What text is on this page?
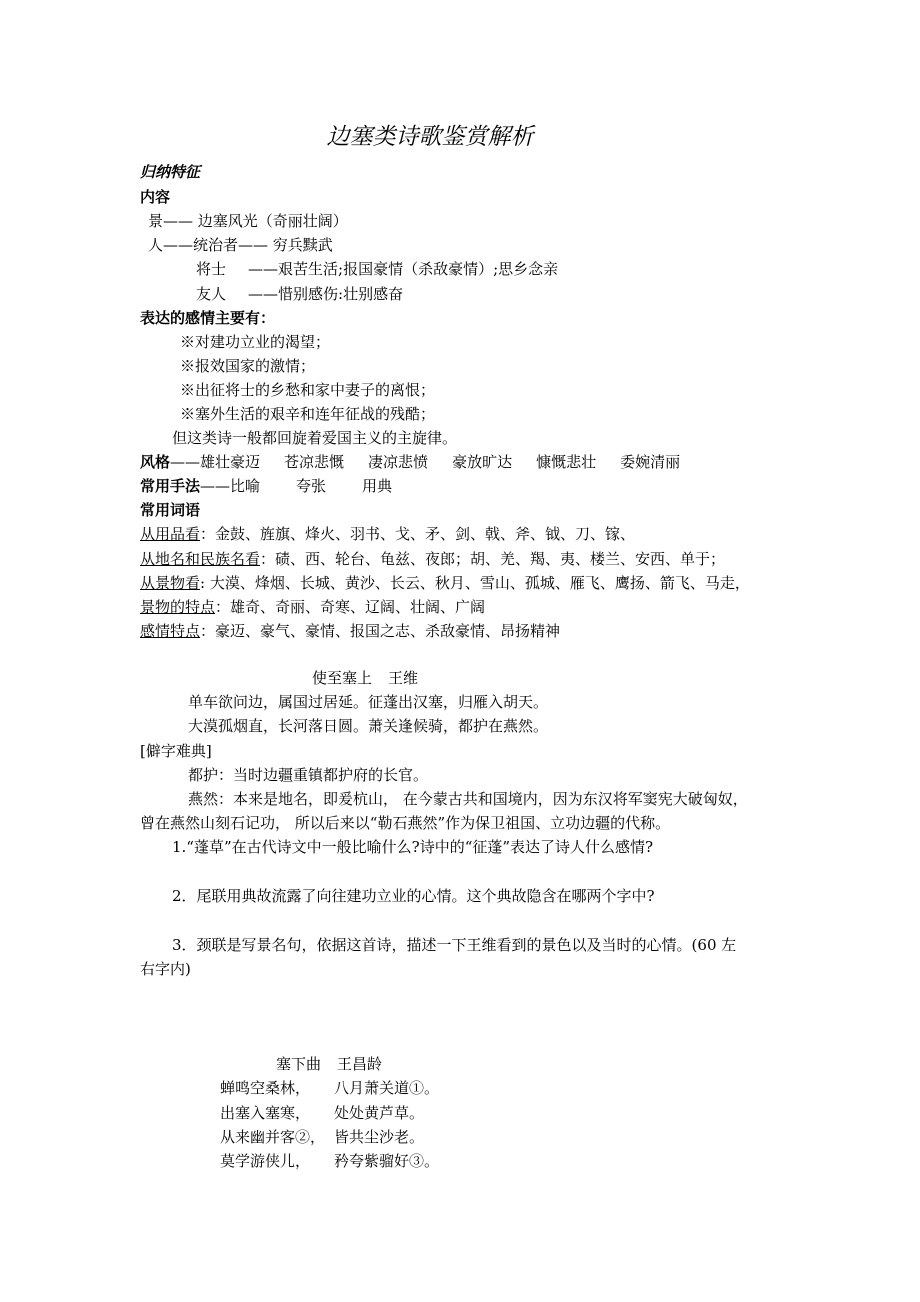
边塞类诗歌鉴赏解析
归纳特征
内容
景—— 边塞风光（奇丽壮阔）
人——统治者—— 穷兵黩武
将士 ——艰苦生活;报国豪情（杀敌豪情）;思乡念亲
友人 ——惜别感伤:壮别感奋
表达的感情主要有：
※对建功立业的渴望；
※报效国家的激情；
※出征将士的乡愁和家中妻子的离恨；
※塞外生活的艰辛和连年征战的残酷；
但这类诗一般都回旋着爱国主义的主旋律。
风格——雄壮豪迈 苍凉悲慨 凄凉悲愤 豪放旷达 慷慨悲壮 委婉清丽
常用手法——比喻 夸张 用典
常用词语
从用品看：金鼓、旌旗、烽火、羽书、戈、矛、剑、戟、斧、钺、刀、镓、
从地名和民族名看：碛、西、轮台、龟兹、夜郎；胡、羌、羯、夷、楼兰、安西、单于；
从景物看: 大漠、烽烟、长城、黄沙、长云、秋月、雪山、孤城、雁飞、鹰扬、箭飞、马走，
景物的特点：雄奇、奇丽、奇寒、辽阔、壮阔、广阔
感情特点：豪迈、豪气、豪情、报国之志、杀敌豪情、昂扬精神
使至塞上 王维
单车欲问边，属国过居延。征蓬出汉塞，归雁入胡天。
大漠孤烟直，长河落日圆。萧关逢候骑，都护在燕然。
[僻字难典]
都护：当时边疆重镇都护府的长官。
燕然：本来是地名，即爰杭山， 在今蒙古共和国境内，因为东汉将军窦宪大破匈奴，
曾在燕然山刻石记功， 所以后来以“勒石燕然”作为保卫祖国、立功边疆的代称。
1.“蓬草”在古代诗文中一般比喻什么?诗中的“征蓬”表达了诗人什么感情?
2．尾联用典故流露了向往建功立业的心情。这个典故隐含在哪两个字中?
3．颈联是写景名句，依据这首诗，描述一下王维看到的景色以及当时的心情。(60 左
右字内)
塞下曲 王昌龄
蝉鸣空桑林， 八月萧关道①。
出塞入塞寒， 处处黄芦草。
从来幽并客②， 皆共尘沙老。
莫学游侠儿， 矜夸紫骝好③。
